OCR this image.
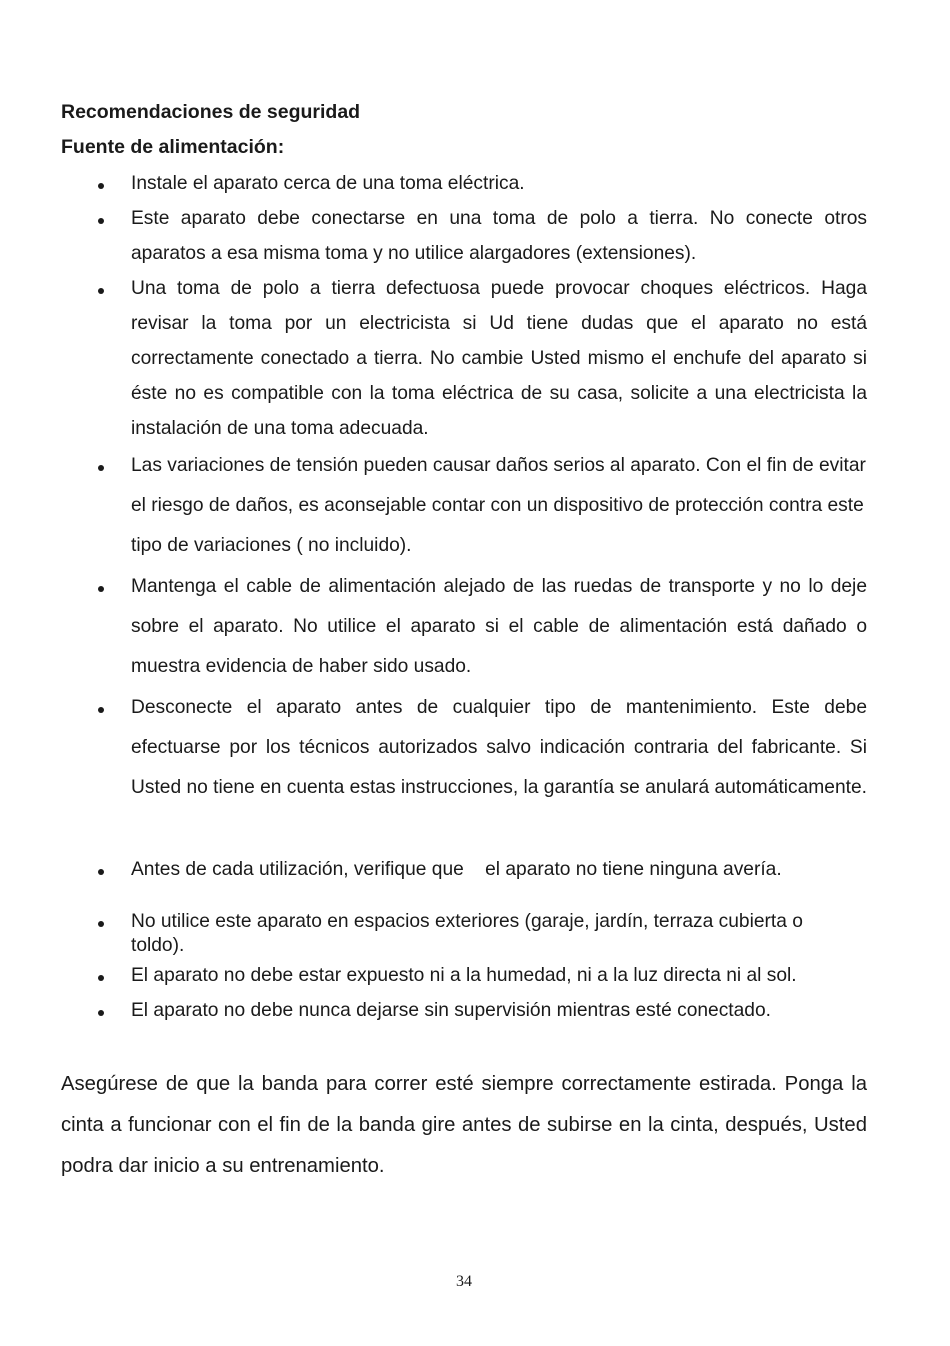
Recomendaciones de seguridad
Fuente de alimentación:
Instale el aparato cerca de una toma eléctrica.
Este aparato debe conectarse en una toma de polo a tierra. No conecte otros aparatos a esa misma toma y no utilice alargadores (extensiones).
Una toma de polo a tierra defectuosa puede provocar choques eléctricos. Haga revisar la toma por un electricista si Ud tiene dudas que el aparato no está correctamente conectado a tierra. No cambie Usted mismo el enchufe del aparato si éste no es compatible con la toma eléctrica de su casa, solicite a una electricista la instalación de una toma adecuada.
Las variaciones de tensión pueden causar daños serios al aparato. Con el fin de evitar el riesgo de daños, es aconsejable contar con un dispositivo de protección contra este tipo de variaciones ( no incluido).
Mantenga el cable de alimentación alejado de las ruedas de transporte y no lo deje sobre el aparato. No utilice el aparato si el cable de alimentación está dañado o muestra evidencia de haber sido usado.
Desconecte el aparato antes de cualquier tipo de mantenimiento. Este debe efectuarse por los técnicos autorizados salvo indicación contraria del fabricante. Si Usted no tiene en cuenta estas instrucciones, la garantía se anulará automáticamente.
Antes de cada utilización, verifique que    el aparato no tiene ninguna avería.
No utilice este aparato en espacios exteriores (garaje, jardín, terraza cubierta o toldo).
El aparato no debe estar expuesto ni a la humedad, ni a la luz directa ni al sol.
El aparato no debe nunca dejarse sin supervisión mientras esté conectado.

Asegúrese de que la banda para correr esté siempre correctamente estirada. Ponga la cinta a funcionar con el fin de la banda gire antes de subirse en la cinta, después, Usted podra dar inicio a su entrenamiento.

34
